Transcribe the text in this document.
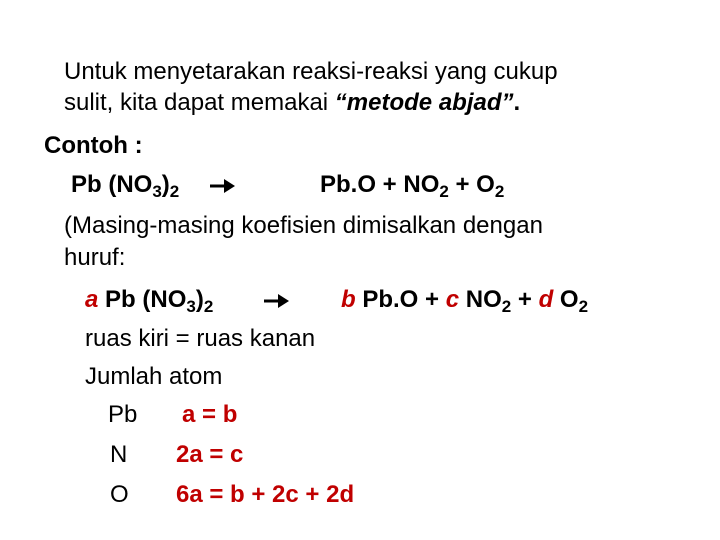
Untuk menyetarakan reaksi-reaksi yang cukup
sulit, kita dapat memakai “metode abjad”.
Contoh :
Pb $(NO_3)_2$	$Pb.O + NO_2 + O_2$
(Masing-masing koefisien dimisalkan dengan
huruf:
a Pb $(NO_3)_2$	b Pb.O + c $NO_2 + d$ $O_2$
ruas kiri = ruas kanan
Jumlah atom
Pb a = b
N 2a = c
O 6a = b + 2c + 2d
